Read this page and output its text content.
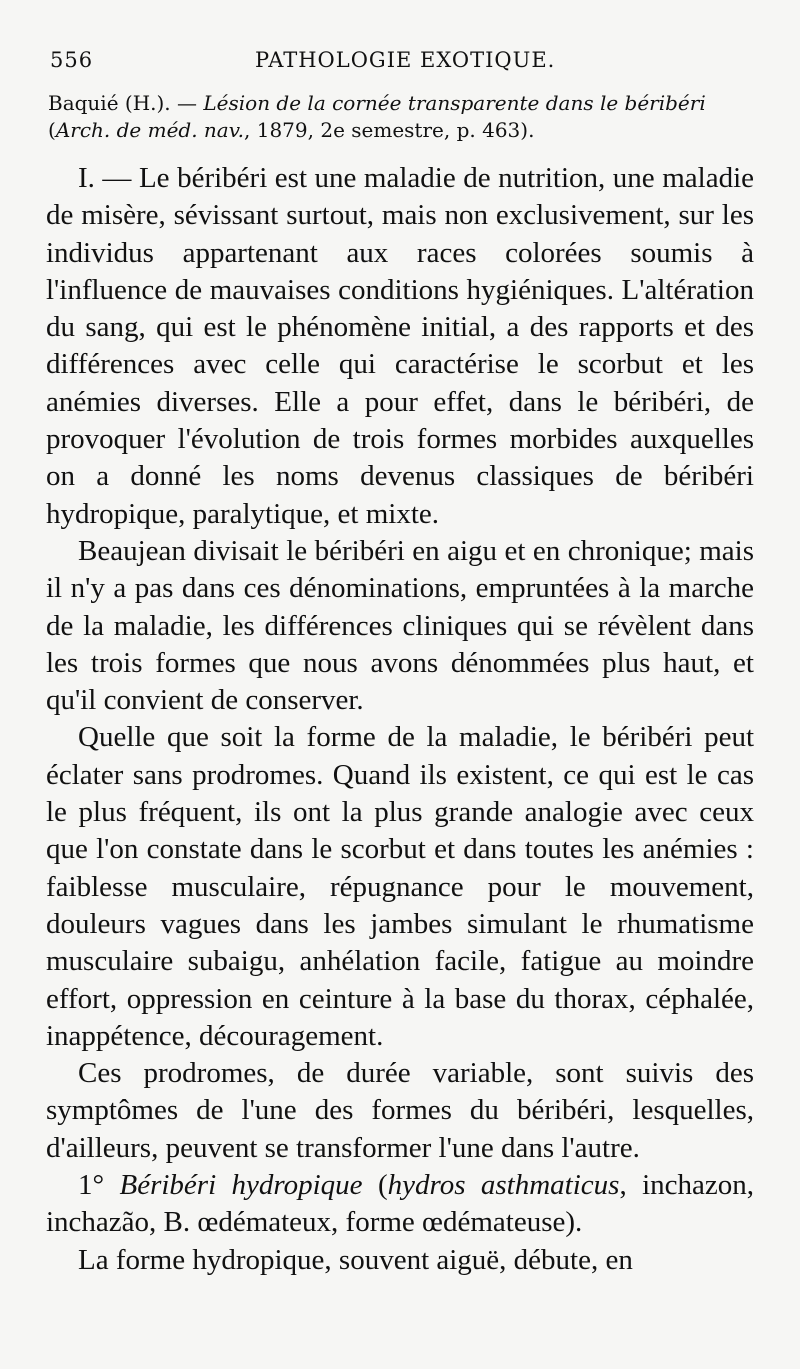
556	PATHOLOGIE EXOTIQUE.
Baquié (H.). — Lésion de la cornée transparente dans le béribéri
(Arch. de méd. nav., 1879, 2e semestre, p. 463).

I. — Le béribéri est une maladie de nutrition, une maladie de misère, sévissant surtout, mais non exclusivement, sur les individus appartenant aux races colorées soumis à l'influence de mauvaises conditions hygiéniques. L'altération du sang, qui est le phénomène initial, a des rapports et des différences avec celle qui caractérise le scorbut et les anémies diverses. Elle a pour effet, dans le béribéri, de provoquer l'évolution de trois formes morbides auxquelles on a donné les noms devenus classiques de béribéri hydropique, paralytique, et mixte.

Beaujean divisait le béribéri en aigu et en chronique; mais il n'y a pas dans ces dénominations, empruntées à la marche de la maladie, les différences cliniques qui se révèlent dans les trois formes que nous avons dénommées plus haut, et qu'il convient de conserver.

Quelle que soit la forme de la maladie, le béribéri peut éclater sans prodromes. Quand ils existent, ce qui est le cas le plus fréquent, ils ont la plus grande analogie avec ceux que l'on constate dans le scorbut et dans toutes les anémies : faiblesse musculaire, répugnance pour le mouvement, douleurs vagues dans les jambes simulant le rhumatisme musculaire subaigu, anhélation facile, fatigue au moindre effort, oppression en ceinture à la base du thorax, céphalée, inappétence, découragement.

Ces prodromes, de durée variable, sont suivis des symptômes de l'une des formes du béribéri, lesquelles, d'ailleurs, peuvent se transformer l'une dans l'autre.

1° Béribéri hydropique (hydros asthmaticus, inchazon, inchazão, B. œdémateux, forme œdémateuse).

La forme hydropique, souvent aiguë, débute, en
